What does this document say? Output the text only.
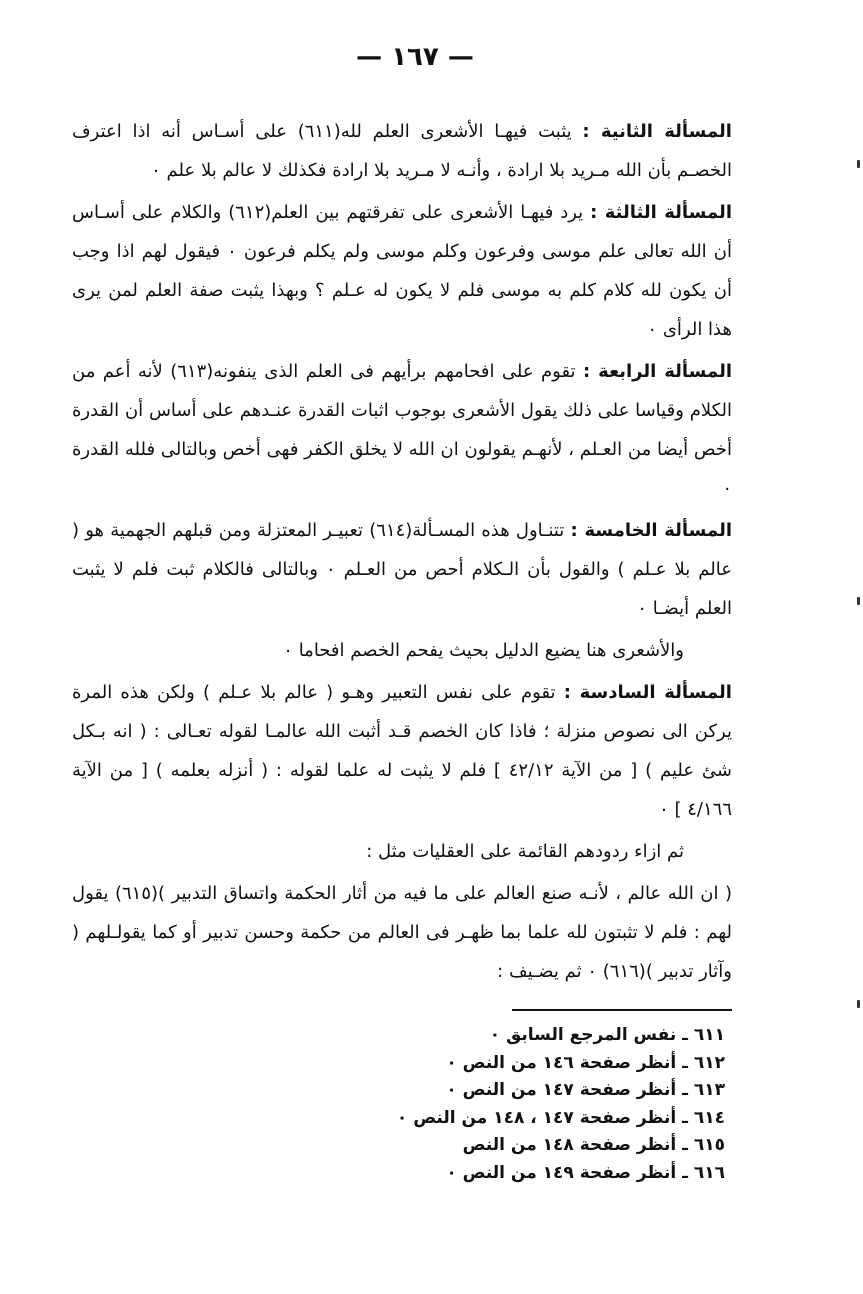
— ١٦٧ —

المسألة الثانية : يثبت فيهـا الأشعرى العلم لله(٦١١) على أسـاس أنه اذا اعترف الخصـم بأن الله مـريد بلا ارادة ، وأنـه لا مـريد بلا ارادة فكذلك لا عالم بلا علم ٠

المسألة الثالثة : يرد فيهـا الأشعرى على تفرقتهم بين العلم(٦١٢) والكلام على أسـاس أن الله تعالى علم موسى وفرعون وكلم موسى ولم يكلم فرعون ٠ فيقول لهم اذا وجب أن يكون لله كلام كلم به موسى فلم لا يكون له عـلم ؟ وبهذا يثبت صفة العلم لمن يرى هذا الرأى ٠

المسألة الرابعة : تقوم على افحامهم برأيهم فى العلم الذى ينفونه(٦١٣) لأنه أعم من الكلام وقياسا على ذلك يقول الأشعرى بوجوب اثبات القدرة عنـدهم على أساس أن القدرة أخص أيضا من العـلم ، لأنهـم يقولون ان الله لا يخلق الكفر فهى أخص وبالتالى فلله القدرة ٠

المسألة الخامسة : تتنـاول هذه المسـألة(٦١٤) تعبيـر المعتزلة ومن قبلهم الجهمية هو ( عالم بلا عـلم ) والقول بأن الـكلام أحص من العـلم ٠ وبالتالى فالكلام ثبت فلم لا يثبت العلم أيضـا ٠

والأشعرى هنا يضيع الدليل بحيث يفحم الخصم افحاما ٠

المسألة السادسة : تقوم على نفس التعبير وهـو ( عالم بلا عـلم ) ولكن هذه المرة يركن الى نصوص منزلة ؛ فاذا كان الخصم قـد أثبت الله عالمـا لقوله تعـالى : ( انه بـكل شئ عليم ) [ من الآية ٤٢/١٢ ] فلم لا يثبت له علما لقوله : ( أنزله بعلمه ) [ من الآية ٤/١٦٦ ] ٠

ثم ازاء ردودهم القائمة على العقليات مثل :

( ان الله عالم ، لأنـه صنع العالم على ما فيه من أثار الحكمة واتساق التدبير )(٦١٥) يقول لهم : فلم لا تثبتون لله علما بما ظهـر فى العالم من حكمة وحسن تدبير أو كما يقولـلهم ( وآثار تدبير )(٦١٦) ٠ ثم يضـيف :

٦١١ ـ نفس المرجع السابق ٠
٦١٢ ـ أنظر صفحة ١٤٦ من النص ٠
٦١٣ ـ أنظر صفحة ١٤٧ من النص ٠
٦١٤ ـ أنظر صفحة ١٤٧ ، ١٤٨ من النص ٠
٦١٥ ـ أنظر صفحة ١٤٨ من النص
٦١٦ ـ أنظر صفحة ١٤٩ من النص ٠
